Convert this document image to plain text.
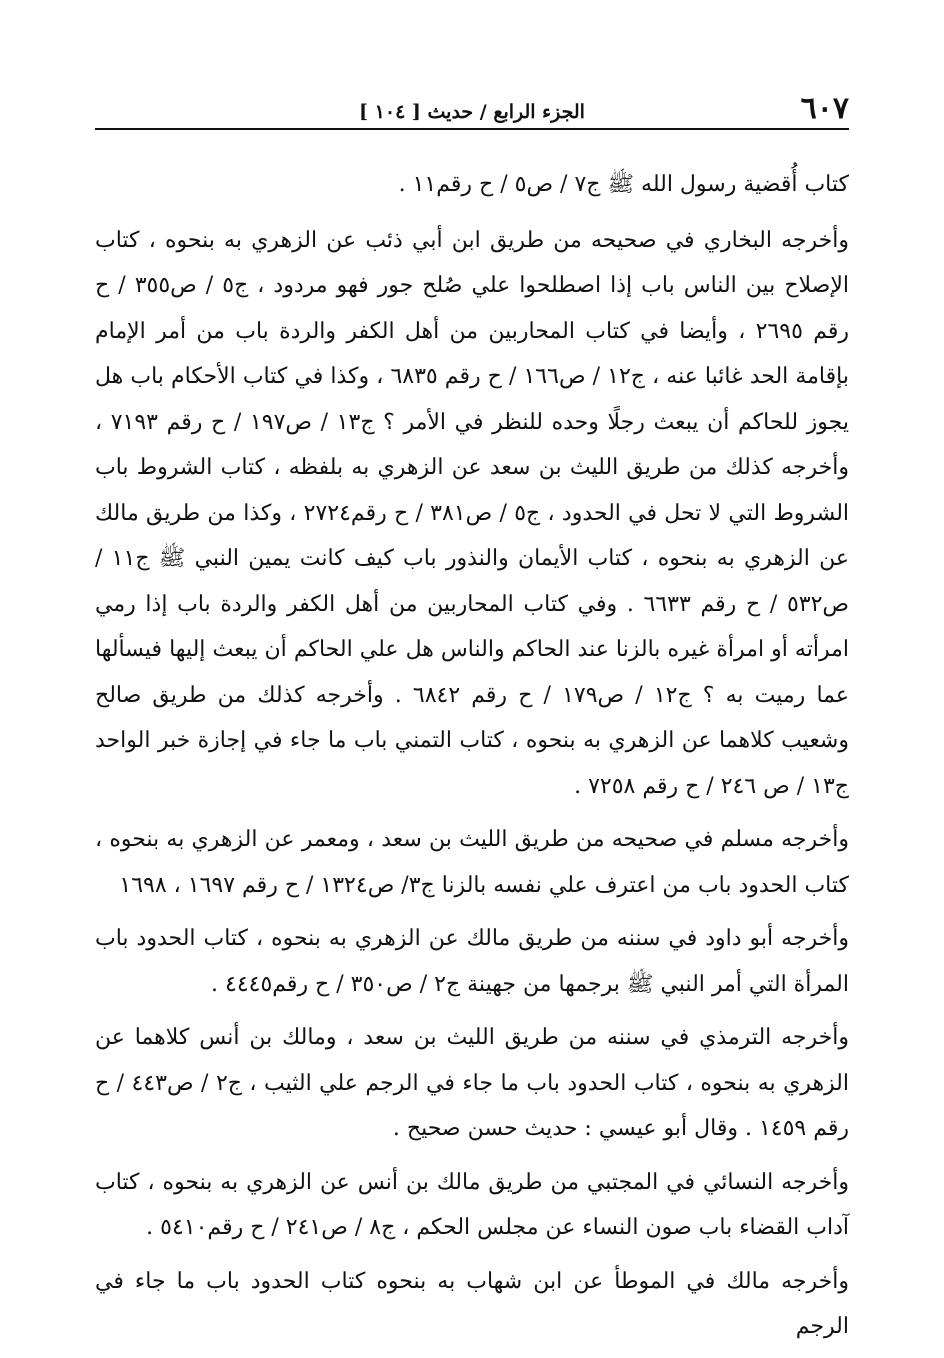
٦٠٧
الجزء الرابع / حديث [ ١٠٤ ]

كتاب أُقضية رسول الله ﷺ ج٧ / ص٥ / ح رقم١١ .

وأخرجه البخاري في صحيحه من طريق ابن أبي ذئب عن الزهري به بنحوه ، كتاب الإصلاح بين الناس باب إذا اصطلحوا علي صُلح جور فهو مردود ، ج٥ / ص٣٥٥ / ح رقم ٢٦٩٥ ، وأيضا في كتاب المحاربين من أهل الكفر والردة باب من أمر الإمام بإقامة الحد غائبا عنه ، ج١٢ / ص١٦٦ / ح رقم ٦٨٣٥ ، وكذا في كتاب الأحكام باب هل يجوز للحاكم أن يبعث رجلًا وحده للنظر في الأمر ؟ ج١٣ / ص١٩٧ / ح رقم ٧١٩٣ ، وأخرجه كذلك من طريق الليث بن سعد عن الزهري به بلفظه ، كتاب الشروط باب الشروط التي لا تحل في الحدود ، ج٥ / ص٣٨١ / ح رقم٢٧٢٤ ، وكذا من طريق مالك عن الزهري به بنحوه ، كتاب الأيمان والنذور باب كيف كانت يمين النبي ﷺ ج١١ / ص٥٣٢ / ح رقم ٦٦٣٣ . وفي كتاب المحاربين من أهل الكفر والردة باب إذا رمي امرأته أو امرأة غيره بالزنا عند الحاكم والناس هل علي الحاكم أن يبعث إليها فيسألها عما رميت به ؟ ج١٢ / ص١٧٩ / ح رقم ٦٨٤٢ . وأخرجه كذلك من طريق صالح وشعيب كلاهما عن الزهري به بنحوه ، كتاب التمني باب ما جاء في إجازة خبر الواحد ج١٣ / ص ٢٤٦ / ح رقم ٧٢٥٨ .

وأخرجه مسلم في صحيحه من طريق الليث بن سعد ، ومعمر عن الزهري به بنحوه ، كتاب الحدود باب من اعترف علي نفسه بالزنا ج٣/ ص١٣٢٤ / ح رقم ١٦٩٧ ، ١٦٩٨

وأخرجه أبو داود في سننه من طريق مالك عن الزهري به بنحوه ، كتاب الحدود باب المرأة التي أمر النبي ﷺ برجمها من جهينة ج٢ / ص٣٥٠ / ح رقم٤٤٤٥ .

وأخرجه الترمذي في سننه من طريق الليث بن سعد ، ومالك بن أنس كلاهما عن الزهري به بنحوه ، كتاب الحدود باب ما جاء في الرجم علي الثيب ، ج٢ / ص٤٤٣ / ح رقم ١٤٥٩ . وقال أبو عيسي : حديث حسن صحيح .

وأخرجه النسائي في المجتبي من طريق مالك بن أنس عن الزهري به بنحوه ، كتاب آداب القضاء باب صون النساء عن مجلس الحكم ، ج٨ / ص٢٤١ / ح رقم٥٤١٠ .

وأخرجه مالك في الموطأ عن ابن شهاب به بنحوه كتاب الحدود باب ما جاء في الرجم
